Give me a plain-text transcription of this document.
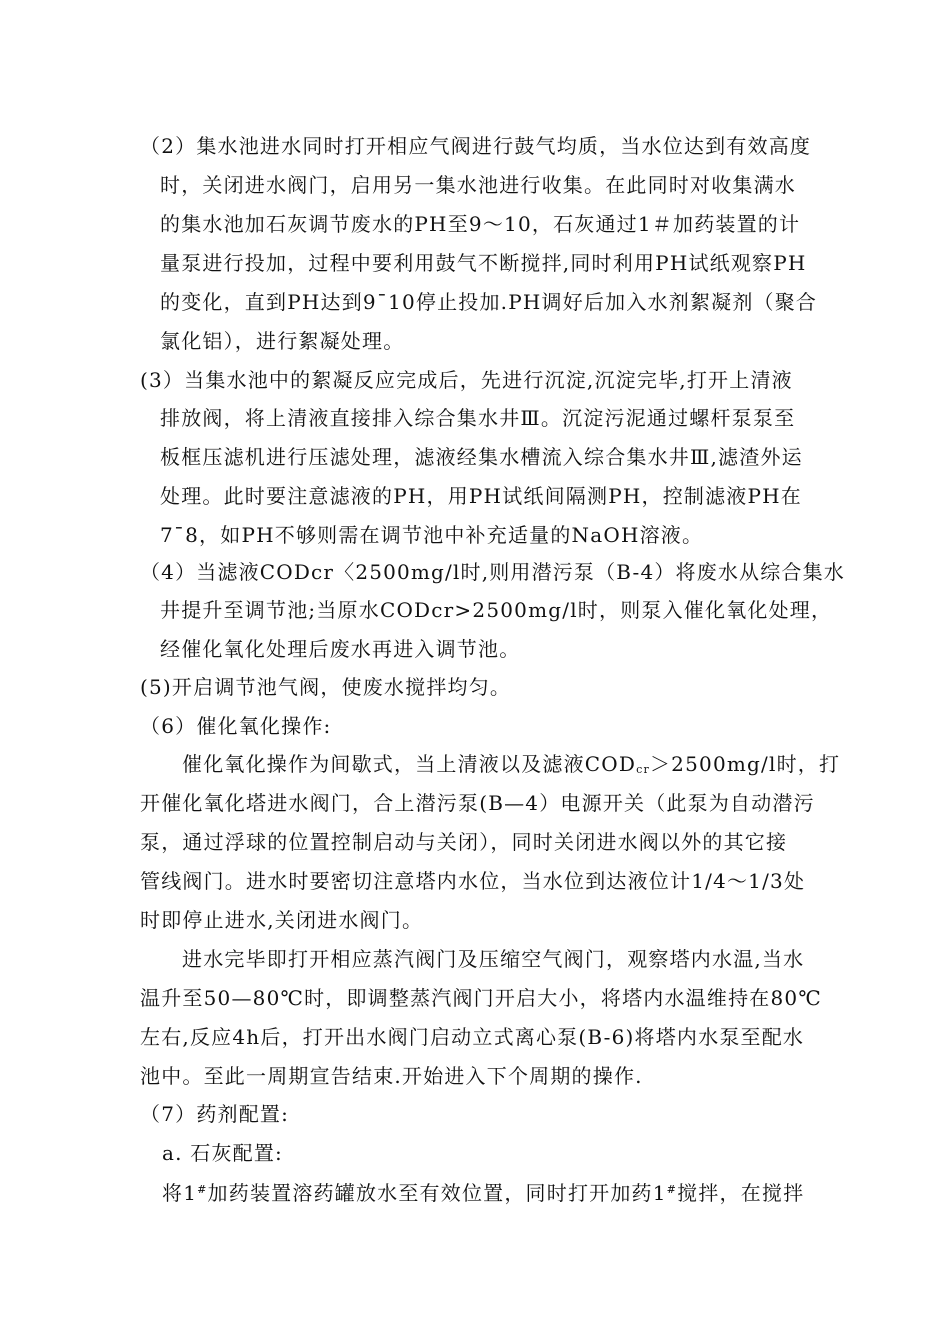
（2）集水池进水同时打开相应气阀进行鼓气均质，当水位达到有效高度

时，关闭进水阀门，启用另一集水池进行收集。在此同时对收集满水

的集水池加石灰调节废水的PH至9～10，石灰通过1＃加药装置的计

量泵进行投加，过程中要利用鼓气不断搅拌,同时利用PH试纸观察PH

的变化，直到PH达到9¯10停止投加.PH调好后加入水剂絮凝剂（聚合

氯化铝），进行絮凝处理。

(3）当集水池中的絮凝反应完成后，先进行沉淀,沉淀完毕,打开上清液

排放阀，将上清液直接排入综合集水井Ⅲ。沉淀污泥通过螺杆泵泵至

板框压滤机进行压滤处理，滤液经集水槽流入综合集水井Ⅲ,滤渣外运

处理。此时要注意滤液的PH，用PH试纸间隔测PH，控制滤液PH在

7¯8，如PH不够则需在调节池中补充适量的NaOH溶液。

（4）当滤液CODcr〈2500mg/l时,则用潜污泵（B-4）将废水从综合集水

井提升至调节池;当原水CODcr>2500mg/l时，则泵入催化氧化处理，

经催化氧化处理后废水再进入调节池。

(5)开启调节池气阀，使废水搅拌均匀。

（6）催化氧化操作:

催化氧化操作为间歇式，当上清液以及滤液$COD_{cr}>2500mg/l$时，打

开催化氧化塔进水阀门，合上潜污泵(B—4）电源开关（此泵为自动潜污

泵，通过浮球的位置控制启动与关闭），同时关闭进水阀以外的其它接

管线阀门。进水时要密切注意塔内水位，当水位到达液位计1/4～1/3处

时即停止进水,关闭进水阀门。

进水完毕即打开相应蒸汽阀门及压缩空气阀门，观察塔内水温,当水

温升至50—80℃时，即调整蒸汽阀门开启大小，将塔内水温维持在80℃

左右,反应4h后，打开出水阀门启动立式离心泵(B-6)将塔内水泵至配水

池中。至此一周期宣告结束.开始进入下个周期的操作.

（7）药剂配置:

a. 石灰配置:

将1#加药装置溶药罐放水至有效位置，同时打开加药1#搅拌，在搅拌
